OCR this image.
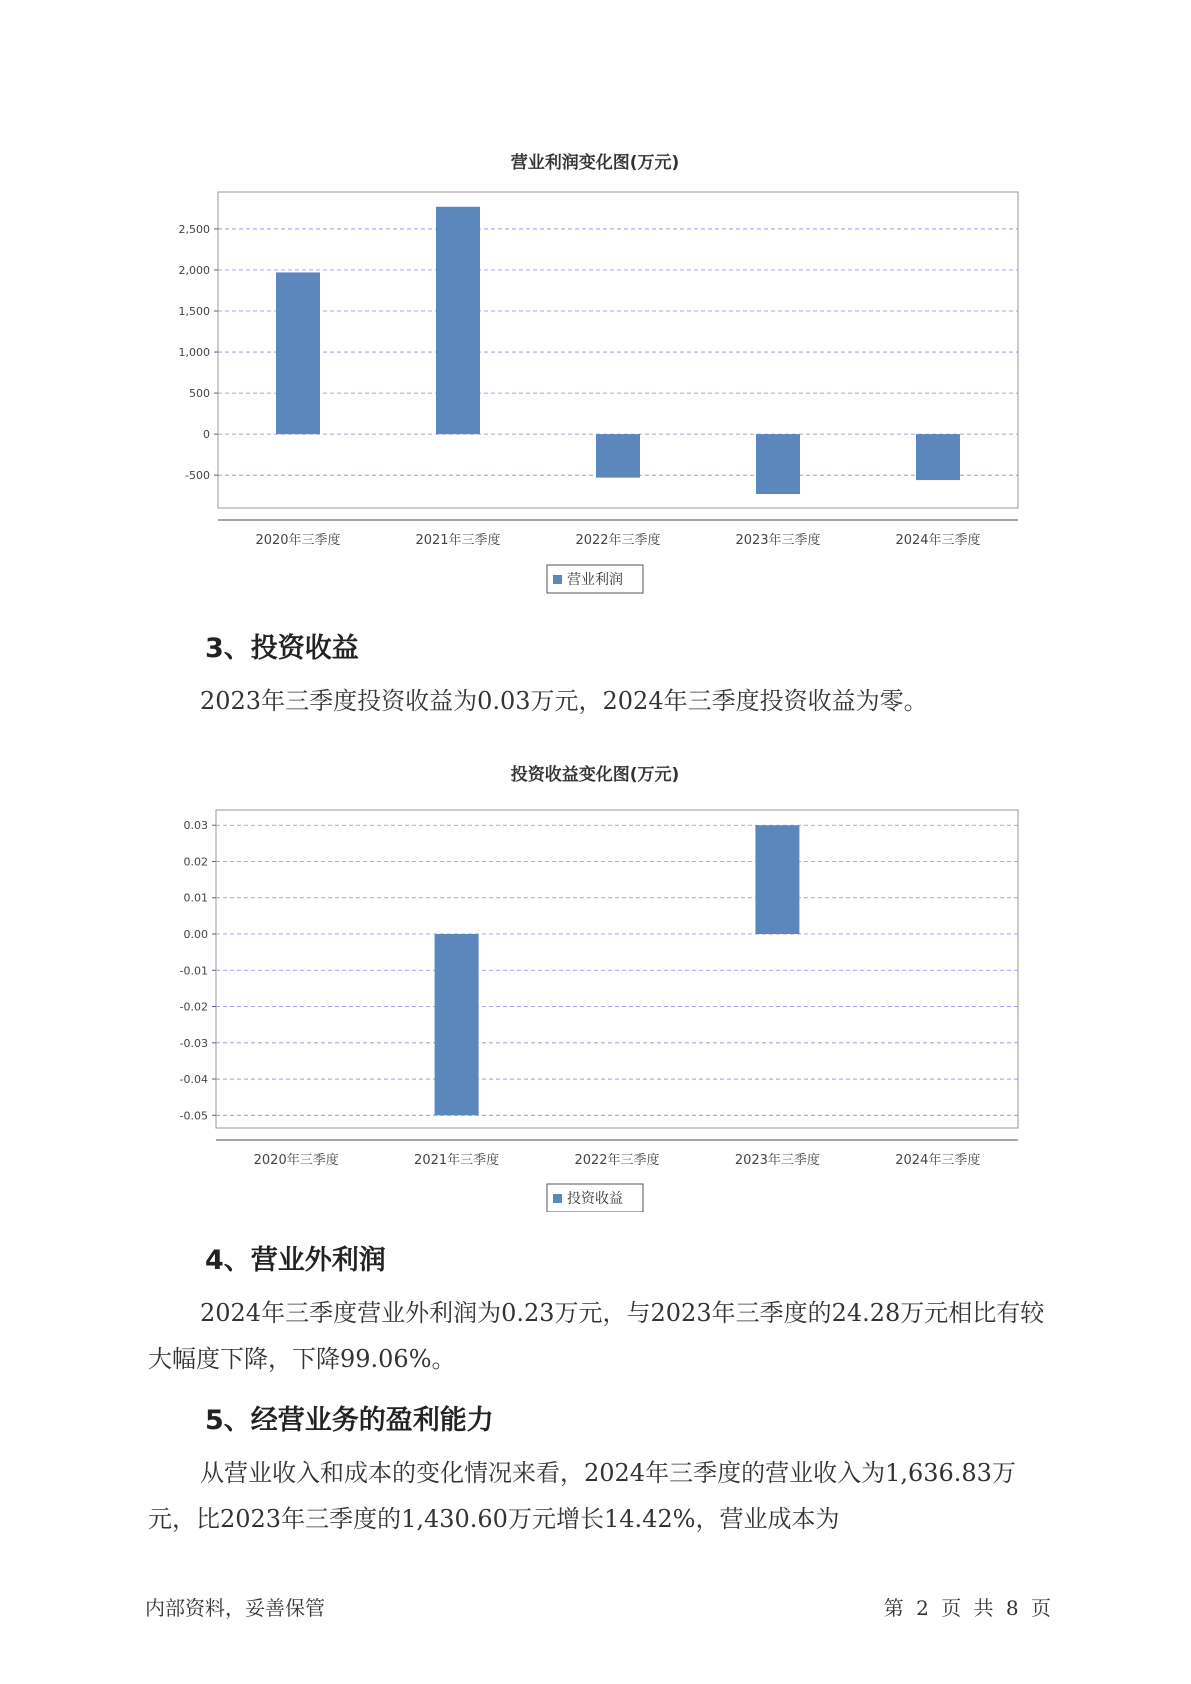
营业利润变化图(万元)
2,500
2,000
1,500
1,000
500
0
-500
2020年三季度	2021年三季度	2022年三季度	2023年三季度	2024年三季度
营业利润
3、投资收益

2023年三季度投资收益为0.03万元，2024年三季度投资收益为零。

投资收益变化图(万元)
0.03
0.02
0.01
0.00
-0.01
-0.02
-0.03
-0.04
-0.05
2020年三季度	2021年三季度	2022年三季度	2023年三季度	2024年三季度
投资收益
4、营业外利润

2024年三季度营业外利润为0.23万元，与2023年三季度的24.28万元相比有较大幅度下降，下降99.06%。

5、经营业务的盈利能力

从营业收入和成本的变化情况来看，2024年三季度的营业收入为1,636.83万元，比2023年三季度的1,430.60万元增长14.42%，营业成本为

内部资料，妥善保管	第 2 页 共 8 页
